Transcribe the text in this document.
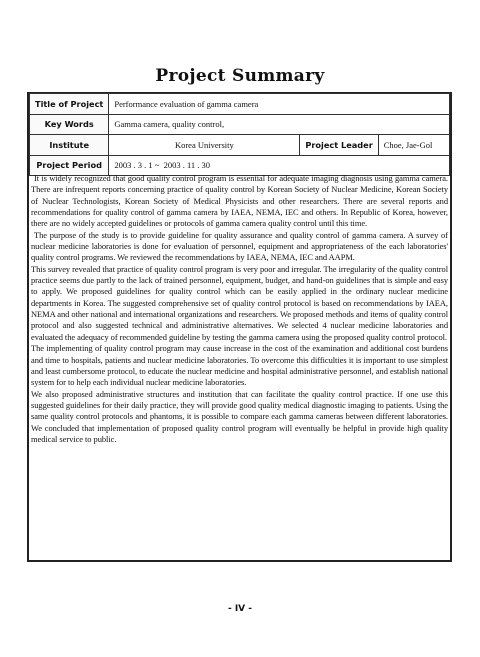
Project Summary
Title of Project	Performance evaluation of gamma camera		
Key Words	Gamma camera, quality control,		
Institute	Korea University	Project Leader	Choe, Jae-Gol
Project Period	2003 . 3 . 1 ~  2003 . 11 . 30		

It is widely recognized that good quality control program is essential for adequate imaging diagnosis using gamma camera. There are infrequent reports concerning practice of quality control by Korean Society of Nuclear Medicine, Korean Society of Nuclear Technologists, Korean Society of Medical Physicists and other researchers. There are several reports and recommendations for quality control of gamma camera by IAEA, NEMA, IEC and others. In Republic of Korea, however, there are no widely accepted guidelines or protocols of gamma camera quality control until this time.

The purpose of the study is to provide guideline for quality assurance and quality control of gamma camera. A survey of nuclear medicine laboratories is done for evaluation of personnel, equipment and appropriateness of the each laboratories' quality control programs. We reviewed the recommendations by IAEA, NEMA, IEC and AAPM.

This survey revealed that practice of quality control program is very poor and irregular. The irregularity of the quality control practice seems due partly to the lack of trained personnel, equipment, budget, and hand-on guidelines that is simple and easy to apply. We proposed guidelines for quality control which can be easily applied in the ordinary nuclear medicine departments in Korea. The suggested comprehensive set of quality control protocol is based on recommendations by IAEA, NEMA and other national and international organizations and researchers. We proposed methods and items of quality control protocol and also suggested technical and administrative alternatives. We selected 4 nuclear medicine laboratories and evaluated the adequacy of recommended guideline by testing the gamma camera using the proposed quality control protocol.

The implementing of quality control program may cause increase in the cost of the examination and additional cost burdens and time to hospitals, patients and nuclear medicine laboratories. To overcome this difficulties it is important to use simplest and least cumbersome protocol, to educate the nuclear medicine and hospital administrative personnel, and establish national system for to help each individual nuclear medicine laboratories.

We also proposed administrative structures and institution that can facilitate the quality control practice. If one use this suggested guidelines for their daily practice, they will provide good quality medical diagnostic imaging to patients. Using the same quality control protocols and phantoms, it is possible to compare each gamma cameras between different laboratories. We concluded that implementation of proposed quality control program will eventually be helpful in provide high quality medical service to public.

- IV -
